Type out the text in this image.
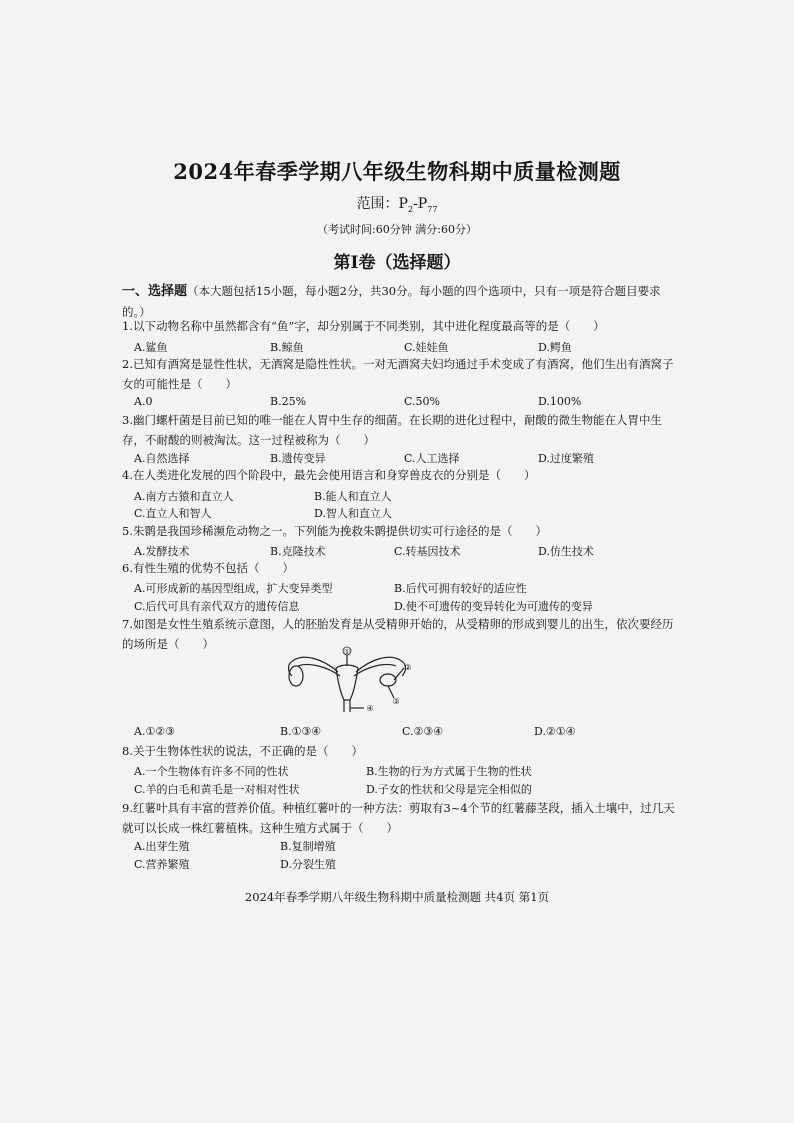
2024年春季学期八年级生物科期中质量检测题
范围：$P_2-P_{77}$
（考试时间:60分钟 满分:60分）
第Ⅰ卷（选择题）
一、选择题（本大题包括15小题，每小题2分，共30分。每小题的四个选项中，只有一项是符合题目要求的。）
1.以下动物名称中虽然都含有“鱼”字，却分别属于不同类别，其中进化程度最高等的是（　　）
A.鲨鱼	B.鲸鱼	C.娃娃鱼	D.鳄鱼
2.已知有酒窝是显性性状，无酒窝是隐性性状。一对无酒窝夫妇均通过手术变成了有酒窝，他们生出有酒窝子女的可能性是（　　）
A.0	B.25%	C.50%	D.100%
3.幽门螺杆菌是目前已知的唯一能在人胃中生存的细菌。在长期的进化过程中，耐酸的微生物能在人胃中生存，不耐酸的则被淘汰。这一过程被称为（　　）
A.自然选择	B.遗传变异	C.人工选择	D.过度繁殖
4.在人类进化发展的四个阶段中，最先会使用语言和身穿兽皮衣的分别是（　　）
A.南方古猿和直立人	B.能人和直立人
C.直立人和智人	D.智人和直立人
5.朱鹮是我国珍稀濒危动物之一。下列能为挽救朱鹮提供切实可行途径的是（　　）
A.发酵技术	B.克隆技术	C.转基因技术	D.仿生技术
6.有性生殖的优势不包括（　　）
A.可形成新的基因型组成，扩大变异类型	B.后代可拥有较好的适应性
C.后代可具有亲代双方的遗传信息	D.使不可遗传的变异转化为可遗传的变异
7.如图是女性生殖系统示意图，人的胚胎发育是从受精卵开始的，从受精卵的形成到婴儿的出生，依次要经历的场所是（　　）
①
②
③
④
A.①②③	B.①③④	C.②③④	D.②①④
8.关于生物体性状的说法，不正确的是（　　）
A.一个生物体有许多不同的性状	B.生物的行为方式属于生物的性状
C.羊的白毛和黄毛是一对相对性状	D.子女的性状和父母是完全相似的
9.红薯叶具有丰富的营养价值。种植红薯叶的一种方法：剪取有3~4个节的红薯藤茎段，插入土壤中，过几天就可以长成一株红薯植株。这种生殖方式属于（　　）
A.出芽生殖	B.复制增殖
C.营养繁殖	D.分裂生殖
2024年春季学期八年级生物科期中质量检测题 共4页 第1页
